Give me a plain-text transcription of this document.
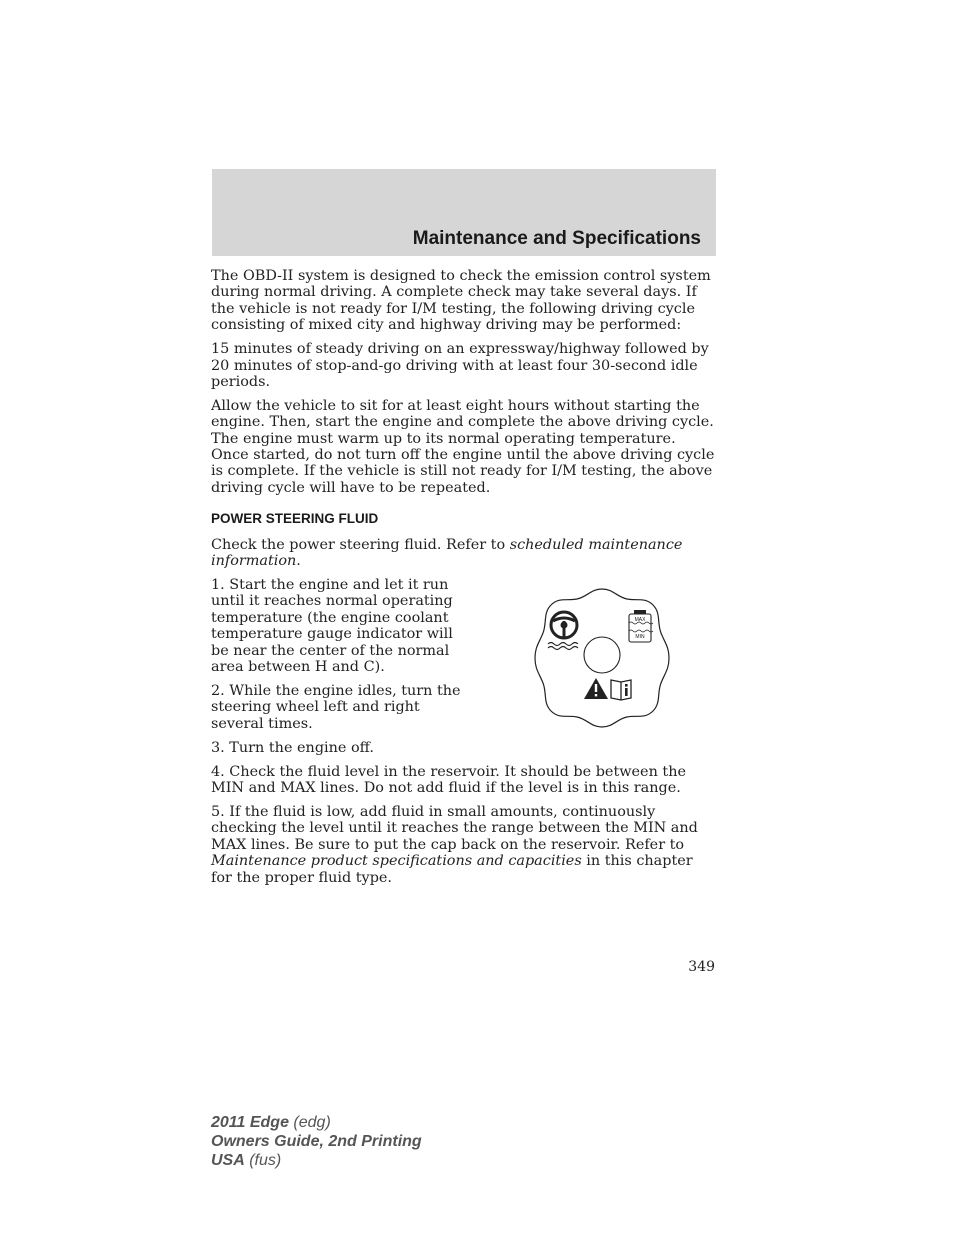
Maintenance and Specifications

The OBD-II system is designed to check the emission control system during normal driving. A complete check may take several days. If the vehicle is not ready for I/M testing, the following driving cycle consisting of mixed city and highway driving may be performed:

15 minutes of steady driving on an expressway/highway followed by 20 minutes of stop-and-go driving with at least four 30-second idle periods.

Allow the vehicle to sit for at least eight hours without starting the engine. Then, start the engine and complete the above driving cycle. The engine must warm up to its normal operating temperature. Once started, do not turn off the engine until the above driving cycle is complete. If the vehicle is still not ready for I/M testing, the above driving cycle will have to be repeated.

POWER STEERING FLUID

Check the power steering fluid. Refer to scheduled maintenance information.

1. Start the engine and let it run until it reaches normal operating temperature (the engine coolant temperature gauge indicator will be near the center of the normal area between H and C).

2. While the engine idles, turn the steering wheel left and right several times.

3. Turn the engine off.

MAX
MIN

4. Check the fluid level in the reservoir. It should be between the MIN and MAX lines. Do not add fluid if the level is in this range.

5. If the fluid is low, add fluid in small amounts, continuously checking the level until it reaches the range between the MIN and MAX lines. Be sure to put the cap back on the reservoir. Refer to Maintenance product specifications and capacities in this chapter for the proper fluid type.

349
2011 Edge (edg)
Owners Guide, 2nd Printing
USA (fus)
